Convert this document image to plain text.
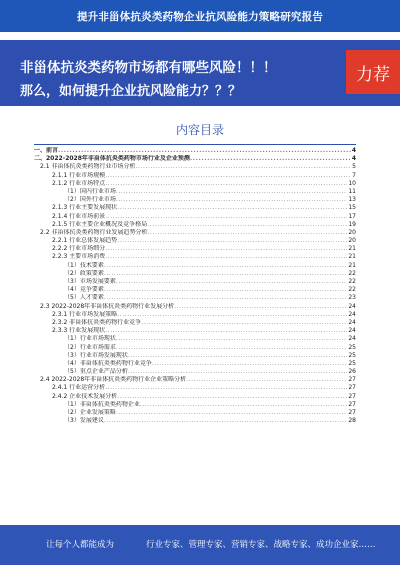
提升非甾体抗炎类药物企业抗风险能力策略研究报告
非甾体抗炎类药物市场都有哪些风险！！！
那么，如何提升企业抗风险能力？？？
力荐
内容目录
一、前言 .....	4
二、2022-2028年非甾体抗炎类药物市场行业及企业预测 .....	4
2.1 非甾体抗炎类药物行业市场分析 .....	5
2.1.1 行业市场规模 .....	7
2.1.2 行业市场特点 .....	10
（1）国内行业市场 .....	11
（2）国外行业市场 .....	13
2.1.3 行业主要发展现状 .....	15
2.1.4 行业市场前景 .....	17
2.1.5 行业主要企业概况及竞争格局 .....	19
2.2 非甾体抗炎类药物行业发展趋势分析 .....	20
2.2.1 行业总体发展趋势 .....	20
2.2.2 行业市场细分 .....	21
2.2.3 主要市场消费 .....	21
（1）技术要素 .....	21
（2）政策要素 .....	22
（3）市场发展要素 .....	22
（4）竞争要素 .....	22
（5）人才要素 .....	23
2.3 2022-2028年非甾体抗炎类药物行业发展分析 .....	24
2.3.1 行业市场发展策略 .....	24
2.3.2 非甾体抗炎类药物行业竞争 .....	24
2.3.3 行业发展现状 .....	24
（1）行业市场现状 .....	24
（2）行业市场需求 .....	25
（3）行业市场发展现状 .....	25
（4）非甾体抗炎类药物行业竞争 .....	25
（5）重点企业产品分析 .....	26
2.4 2022-2028年非甾体抗炎类药物行业企业策略分析 .....	27
2.4.1 行业运营分析 .....	27
2.4.2 企业技术发展分析 .....	27
（1）非甾体抗炎类药物企业 .....	27
（2）企业发展策略 .....	27
（3）发展建议 .....	28
让每个人都能成为	行业专家、管理专家、营销专家、战略专家、成功企业家……
